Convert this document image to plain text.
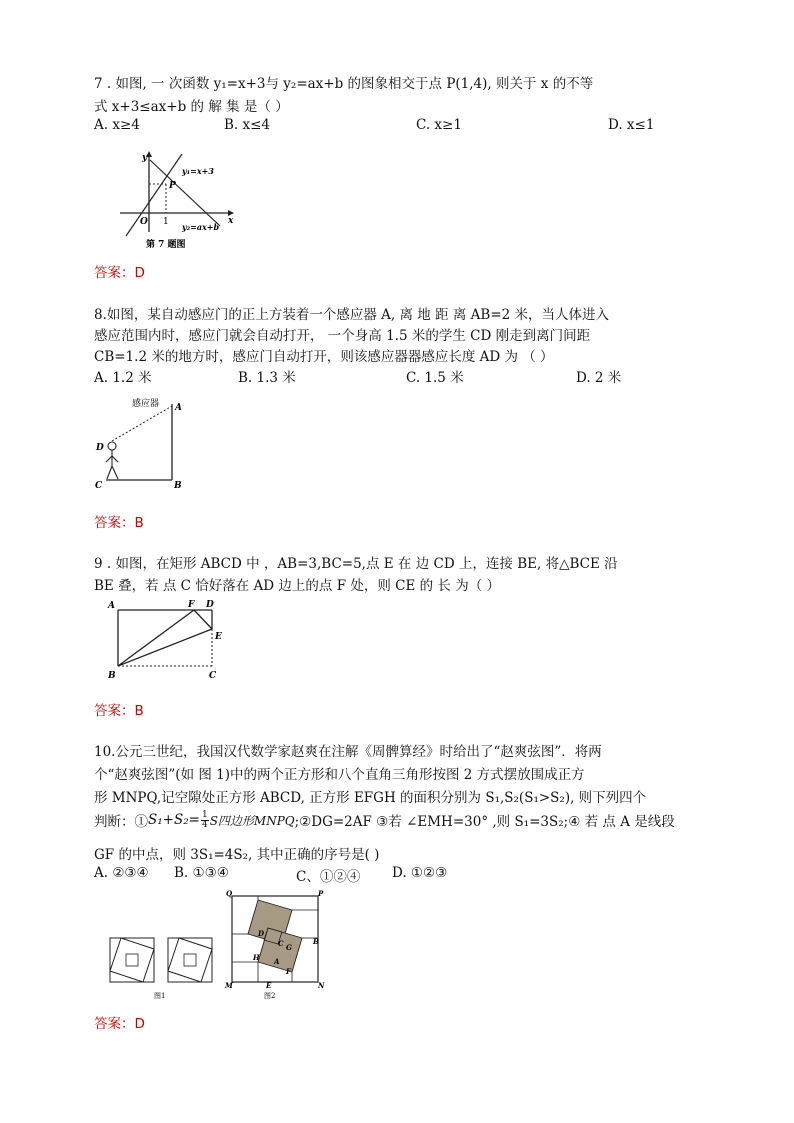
7 . 如图, 一 次函数 y₁=x+3与 y₂=ax+b 的图象相交于点 P(1,4), 则关于 x 的不等
式 x+3≤ax+b 的 解 集 是（ ）
A. x≥4	B. x≤4	C. x≥1	D. x≤1
y
x
O 1
P
y₁=x+3
y₂=ax+b
第 7 题图
答案：D
8.如图，某自动感应门的正上方装着一个感应器 A, 离 地 距 离 AB=2 米，当人体进入
感应范围内时，感应门就会自动打开， 一个身高 1.5 米的学生 CD 刚走到离门间距
CB=1.2 米的地方时，感应门自动打开，则该感应器器感应长度 AD 为 （ ）
A. 1.2 米	B. 1.3 米	C. 1.5 米	D. 2 米
感应器 A
B
C
D
答案：B
9 . 如图，在矩形 ABCD 中 ，AB=3,BC=5,点 E 在 边 CD 上，连接 BE, 将△BCE 沿
BE 叠，若 点 C 恰好落在 AD 边上的点 F 处，则 CE 的 长 为（ ）
A	F D
E
B	C
答案：B
10.公元三世纪，我国汉代数学家赵爽在注解《周髀算经》时给出了“赵爽弦图”．将两
个“赵爽弦图”(如 图 1)中的两个正方形和八个直角三角形按图 2 方式摆放围成正方
形 MNPQ,记空隙处正方形 ABCD, 正方形 EFGH 的面积分别为 S₁,S₂(S₁>S₂), 则下列四个
判断：① $S_1+S_2= \frac{1}{4}$ S四边形MNPQ ;②DG=2AF ③若 ∠EMH=30° ,则 S₁=3S₂;④ 若 点 A 是线段
GF 的中点，则 3S₁=4S₂, 其中正确的序号是( )
A. ②③④ B. ①③④	C、①②④ D. ①②③
图1
Q	P
M	N
D
C	B
A
H
G
F
E
图2
答案：D
